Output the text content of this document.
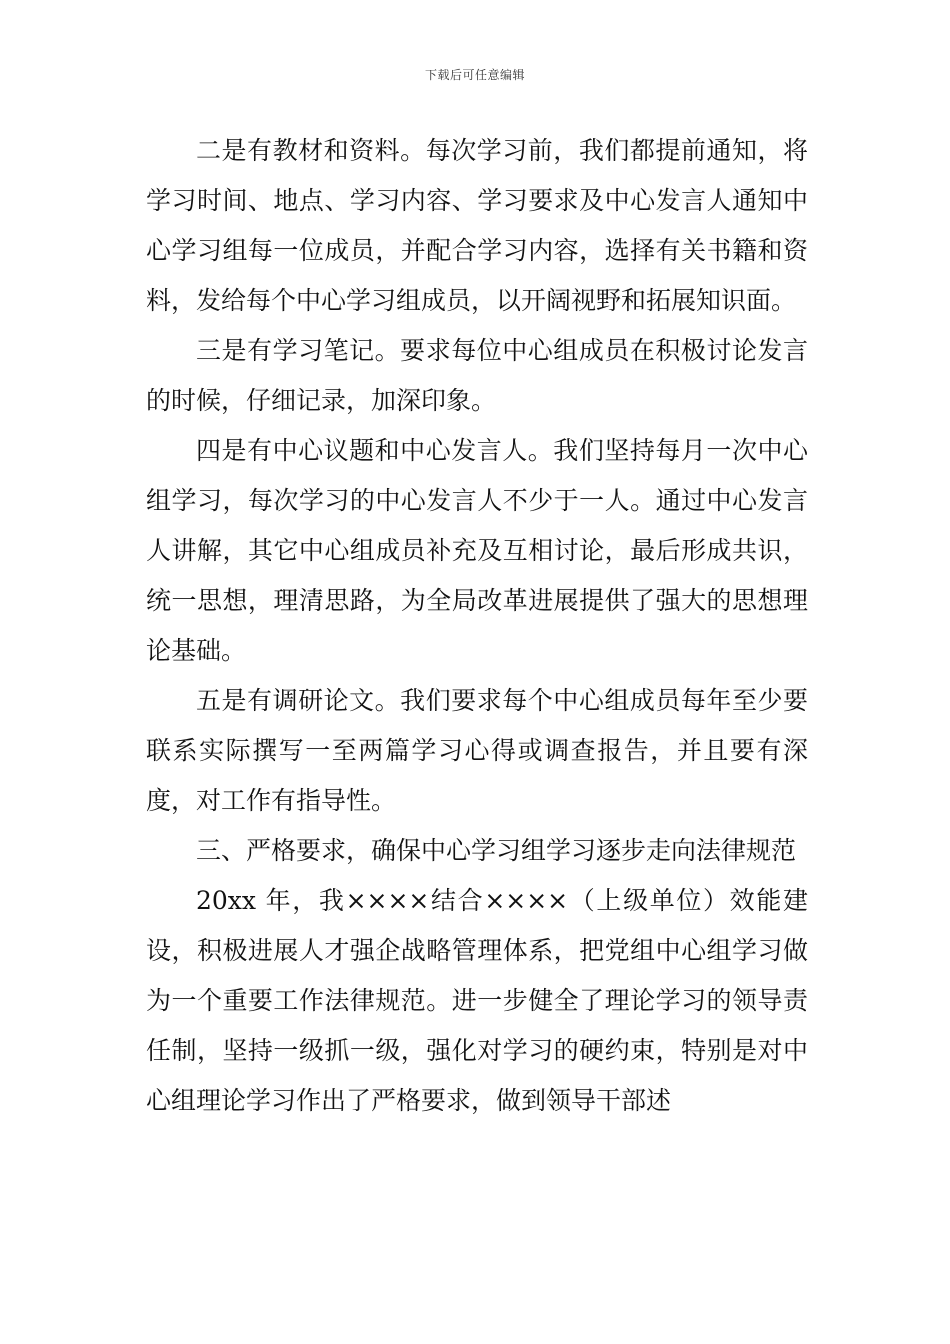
下载后可任意编辑

二是有教材和资料。每次学习前，我们都提前通知，将学习时间、地点、学习内容、学习要求及中心发言人通知中心学习组每一位成员，并配合学习内容，选择有关书籍和资料，发给每个中心学习组成员，以开阔视野和拓展知识面。

三是有学习笔记。要求每位中心组成员在积极讨论发言的时候，仔细记录，加深印象。

四是有中心议题和中心发言人。我们坚持每月一次中心组学习，每次学习的中心发言人不少于一人。通过中心发言人讲解，其它中心组成员补充及互相讨论，最后形成共识，统一思想，理清思路，为全局改革进展提供了强大的思想理论基础。

五是有调研论文。我们要求每个中心组成员每年至少要联系实际撰写一至两篇学习心得或调查报告，并且要有深度，对工作有指导性。

三、严格要求，确保中心学习组学习逐步走向法律规范

20xx 年，我××××结合××××（上级单位）效能建设，积极进展人才强企战略管理体系，把党组中心组学习做为一个重要工作法律规范。进一步健全了理论学习的领导责任制，坚持一级抓一级，强化对学习的硬约束，特别是对中心组理论学习作出了严格要求，做到领导干部述
